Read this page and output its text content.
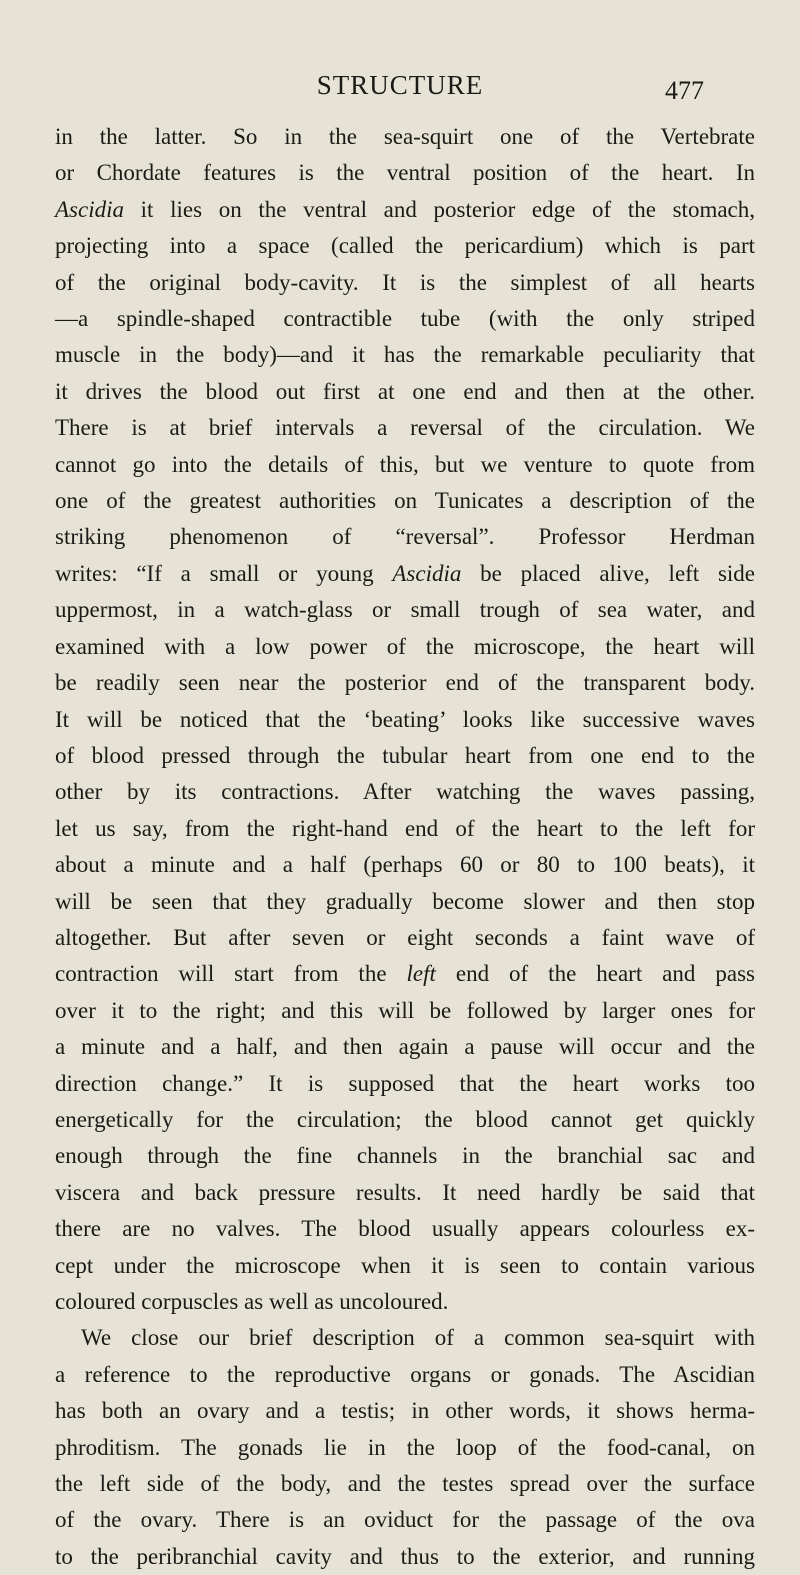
STRUCTURE	477
in the latter. So in the sea-squirt one of the Vertebrate
or Chordate features is the ventral position of the heart. In
Ascidia it lies on the ventral and posterior edge of the stomach,
projecting into a space (called the pericardium) which is part
of the original body-cavity. It is the simplest of all hearts
—a spindle-shaped contractible tube (with the only striped
muscle in the body)—and it has the remarkable peculiarity that
it drives the blood out first at one end and then at the other.
There is at brief intervals a reversal of the circulation. We
cannot go into the details of this, but we venture to quote from
one of the greatest authorities on Tunicates a description of the
striking phenomenon of “reversal”. Professor Herdman
writes: “If a small or young Ascidia be placed alive, left side
uppermost, in a watch-glass or small trough of sea water, and
examined with a low power of the microscope, the heart will
be readily seen near the posterior end of the transparent body.
It will be noticed that the ‘beating’ looks like successive waves
of blood pressed through the tubular heart from one end to the
other by its contractions. After watching the waves passing,
let us say, from the right-hand end of the heart to the left for
about a minute and a half (perhaps 60 or 80 to 100 beats), it
will be seen that they gradually become slower and then stop
altogether. But after seven or eight seconds a faint wave of
contraction will start from the left end of the heart and pass
over it to the right; and this will be followed by larger ones for
a minute and a half, and then again a pause will occur and the
direction change.” It is supposed that the heart works too
energetically for the circulation; the blood cannot get quickly
enough through the fine channels in the branchial sac and
viscera and back pressure results. It need hardly be said that
there are no valves. The blood usually appears colourless ex-
cept under the microscope when it is seen to contain various
coloured corpuscles as well as uncoloured.
We close our brief description of a common sea-squirt with
a reference to the reproductive organs or gonads. The Ascidian
has both an ovary and a testis; in other words, it shows herma-
phroditism. The gonads lie in the loop of the food-canal, on
the left side of the body, and the testes spread over the surface
of the ovary. There is an oviduct for the passage of the ova
to the peribranchial cavity and thus to the exterior, and running
